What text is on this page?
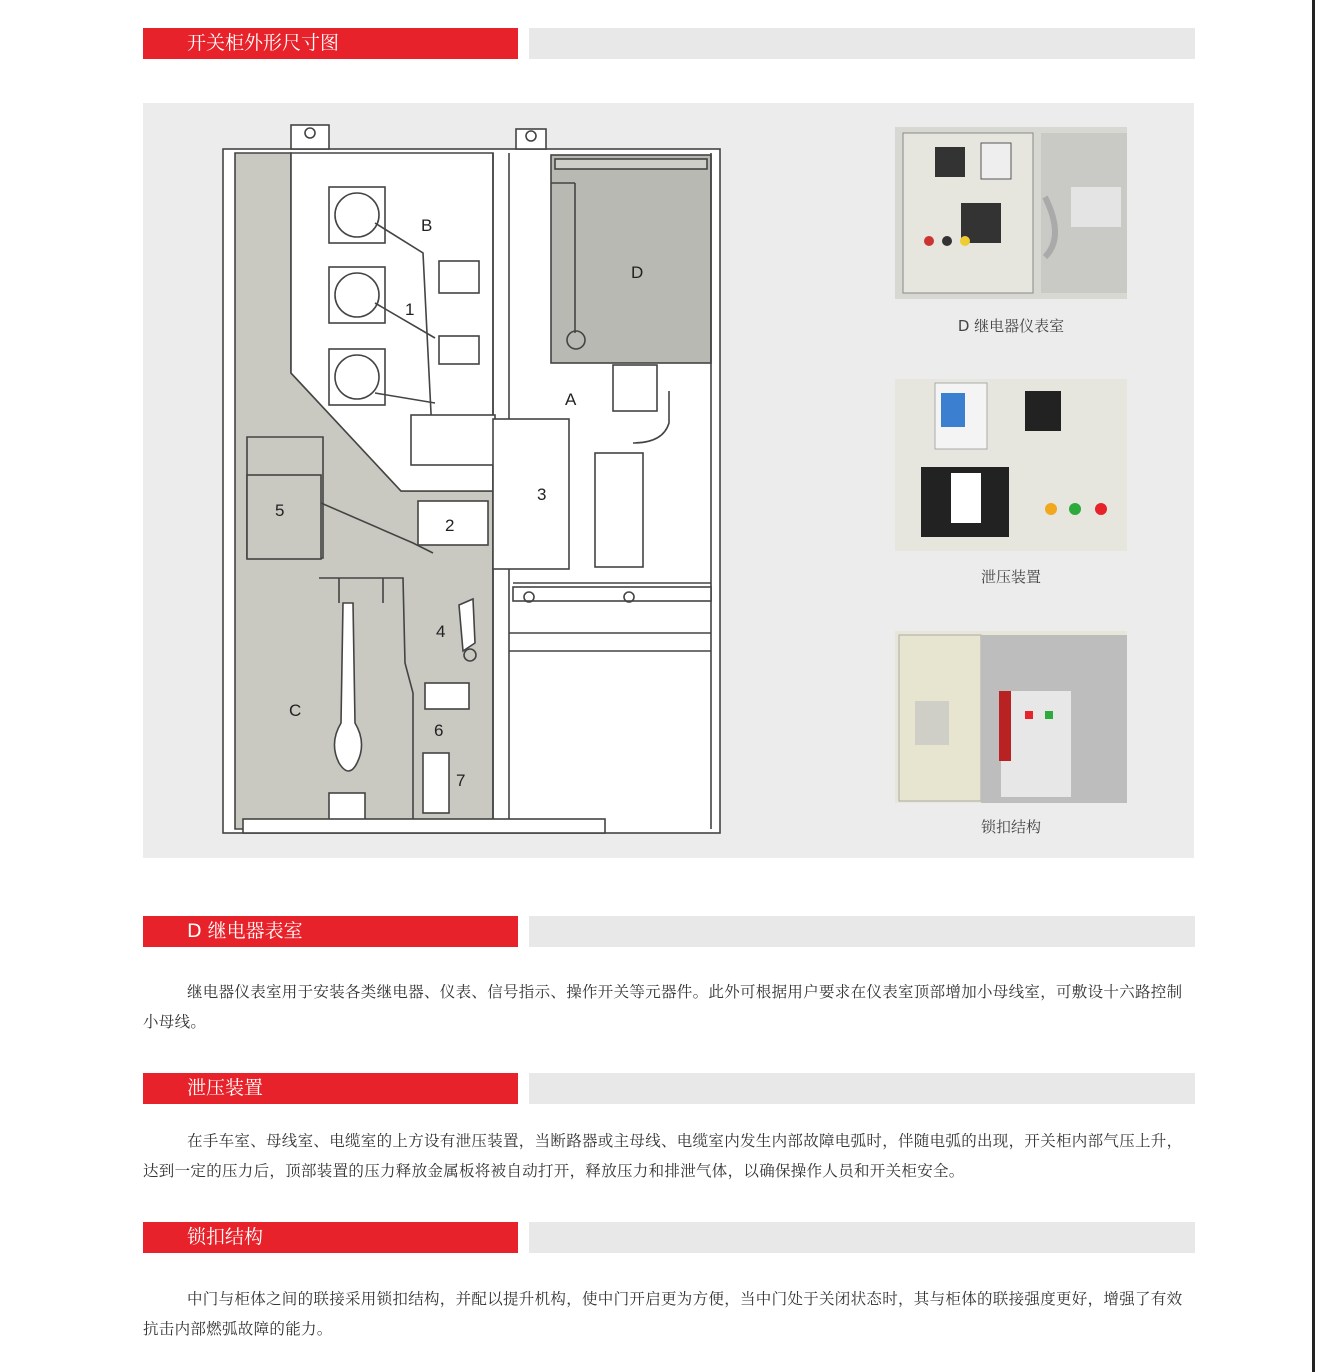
开关柜外形尺寸图
B
D
A
C
1
2
3
4
5
6
7
D 继电器仪表室
泄压装置
锁扣结构
D 继电器表室
继电器仪表室用于安装各类继电器、仪表、信号指示、操作开关等元器件。此外可根据用户要求在仪表室顶部增加小母线室，可敷设十六路控制小母线。
泄压装置
在手车室、母线室、电缆室的上方设有泄压装置，当断路器或主母线、电缆室内发生内部故障电弧时，伴随电弧的出现，开关柜内部气压上升，达到一定的压力后，顶部装置的压力释放金属板将被自动打开，释放压力和排泄气体，以确保操作人员和开关柜安全。
锁扣结构
中门与柜体之间的联接采用锁扣结构，并配以提升机构，使中门开启更为方便，当中门处于关闭状态时，其与柜体的联接强度更好，增强了有效抗击内部燃弧故障的能力。
